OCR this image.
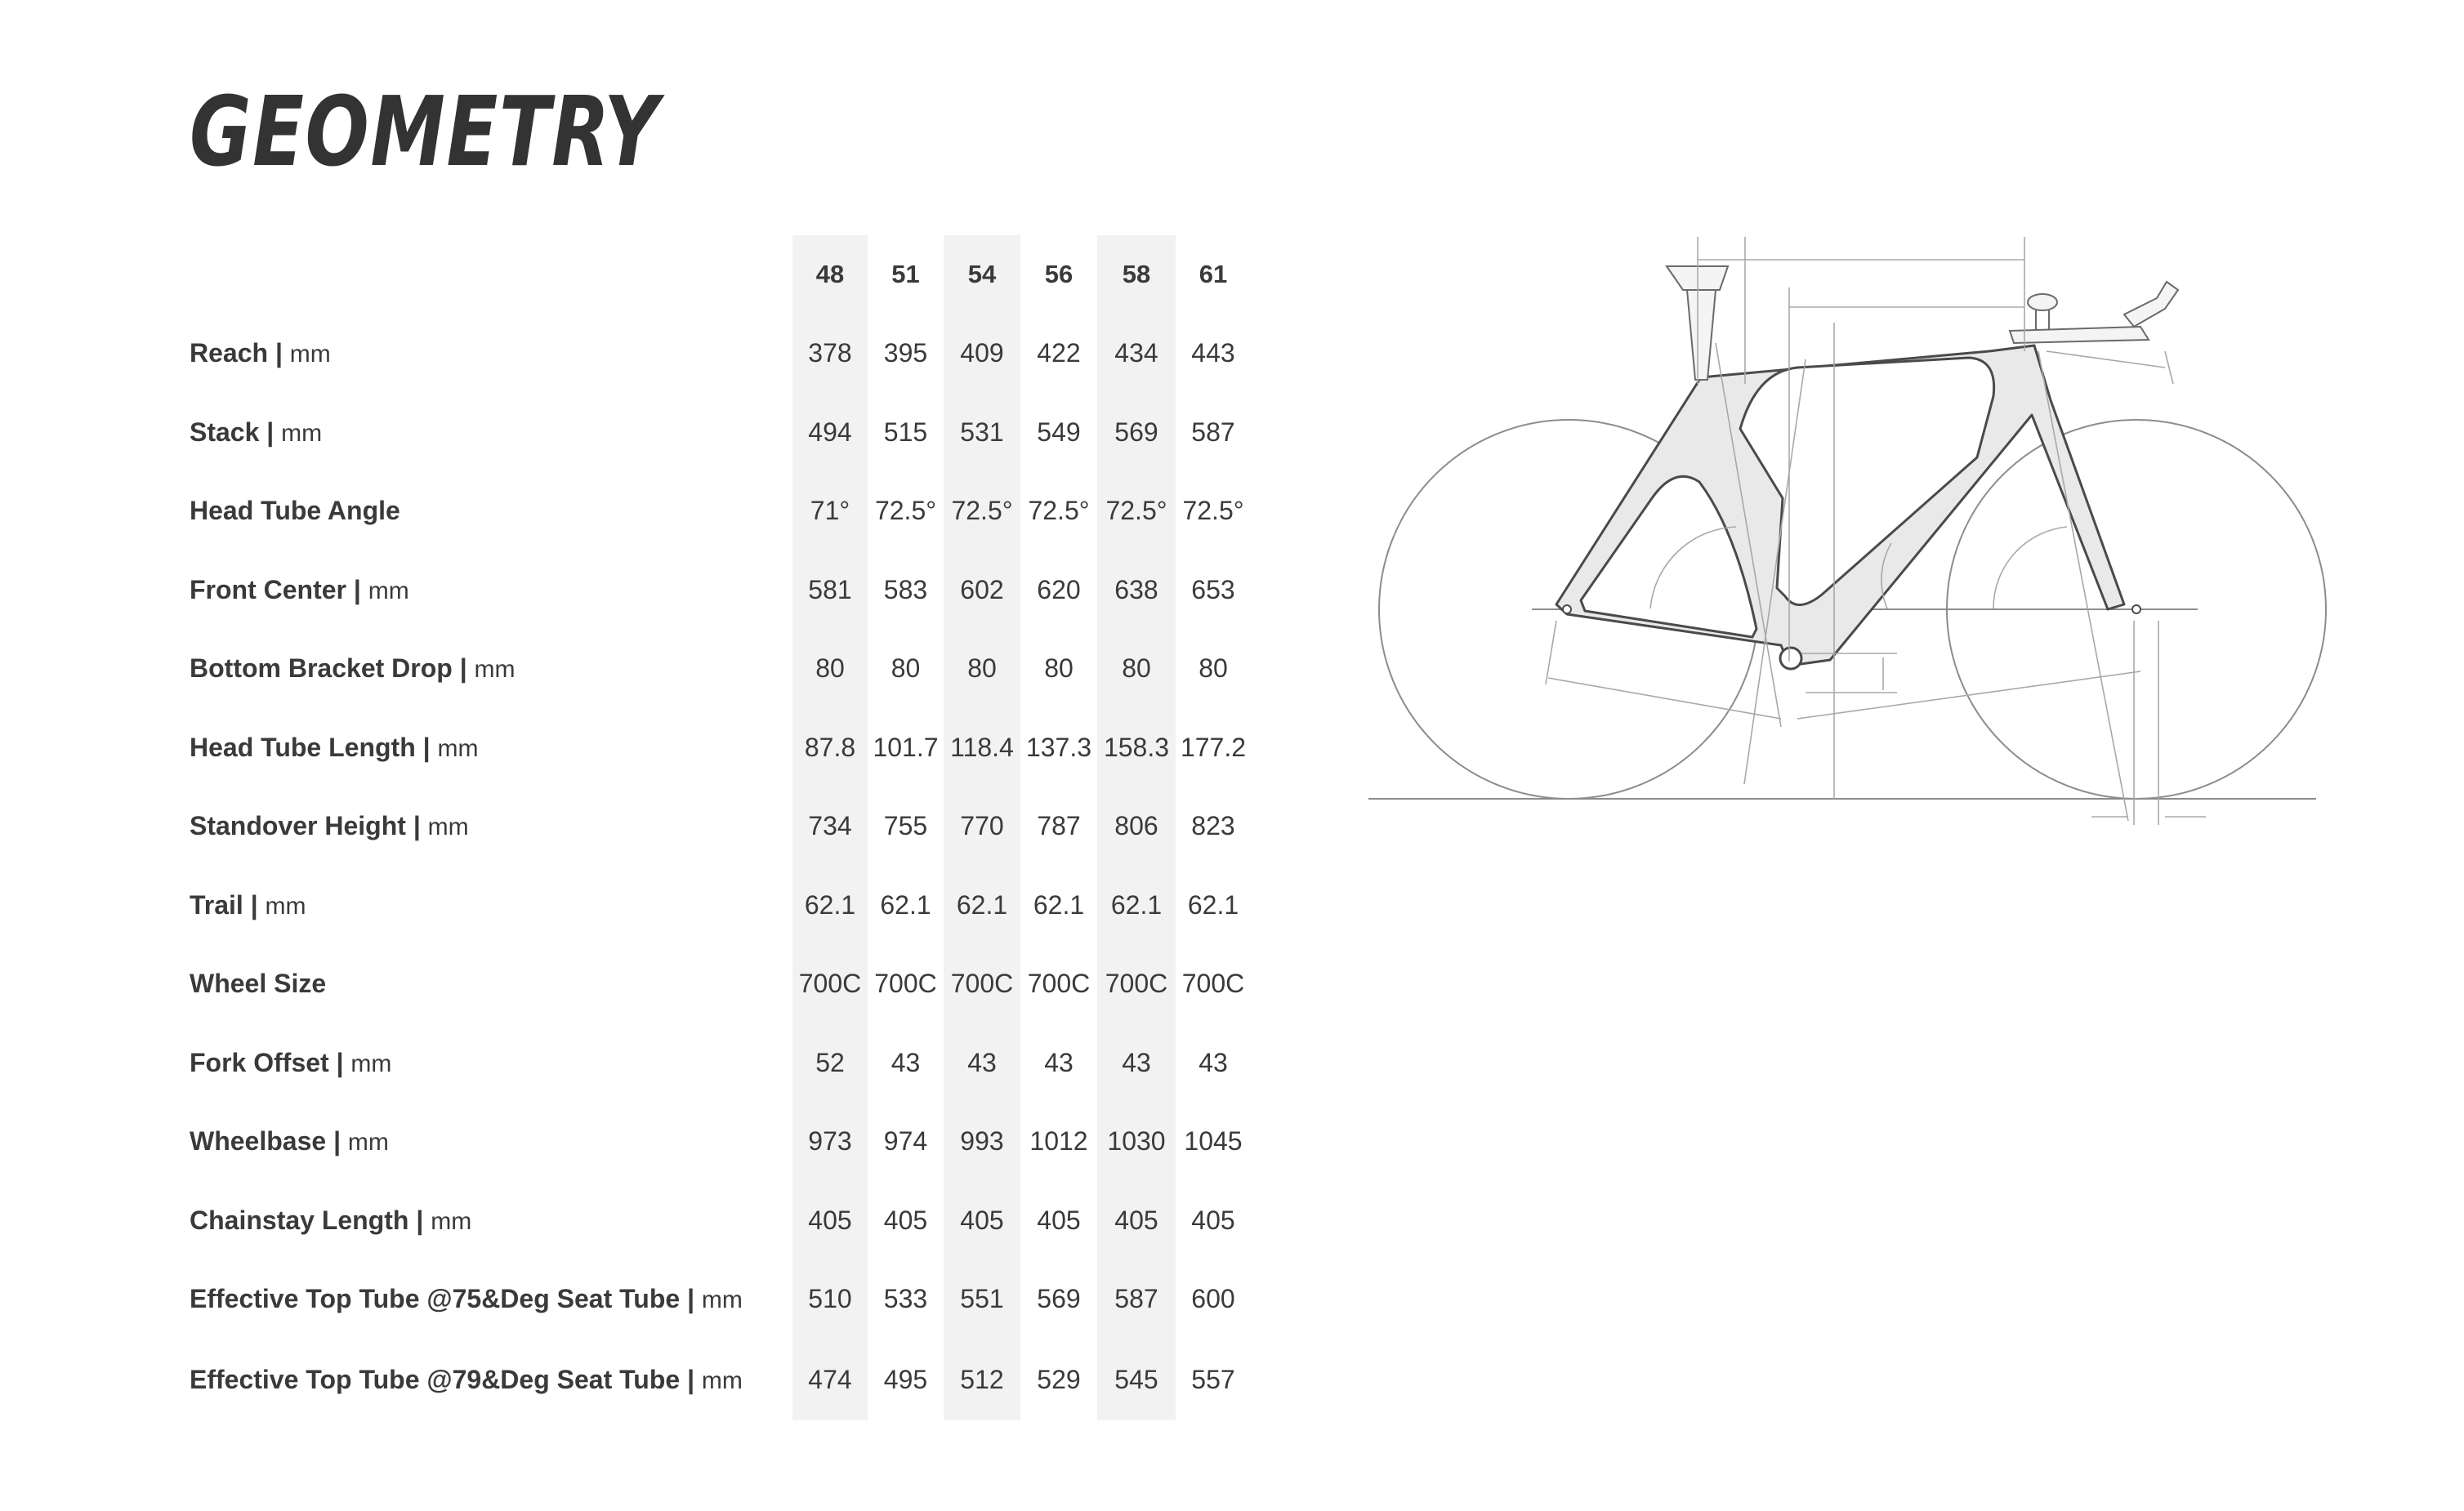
GEOMETRY
	48	51	54	56	58	61
Reach | mm	378	395	409	422	434	443
Stack | mm	494	515	531	549	569	587
Head Tube Angle	71°	72.5°	72.5°	72.5°	72.5°	72.5°
Front Center | mm	581	583	602	620	638	653
Bottom Bracket Drop | mm	80	80	80	80	80	80
Head Tube Length | mm	87.8	101.7	118.4	137.3	158.3	177.2
Standover Height | mm	734	755	770	787	806	823
Trail | mm	62.1	62.1	62.1	62.1	62.1	62.1
Wheel Size	700C	700C	700C	700C	700C	700C
Fork Offset | mm	52	43	43	43	43	43
Wheelbase | mm	973	974	993	1012	1030	1045
Chainstay Length | mm	405	405	405	405	405	405
Effective Top Tube @75&Deg Seat Tube | mm	510	533	551	569	587	600
Effective Top Tube @79&Deg Seat Tube | mm	474	495	512	529	545	557
